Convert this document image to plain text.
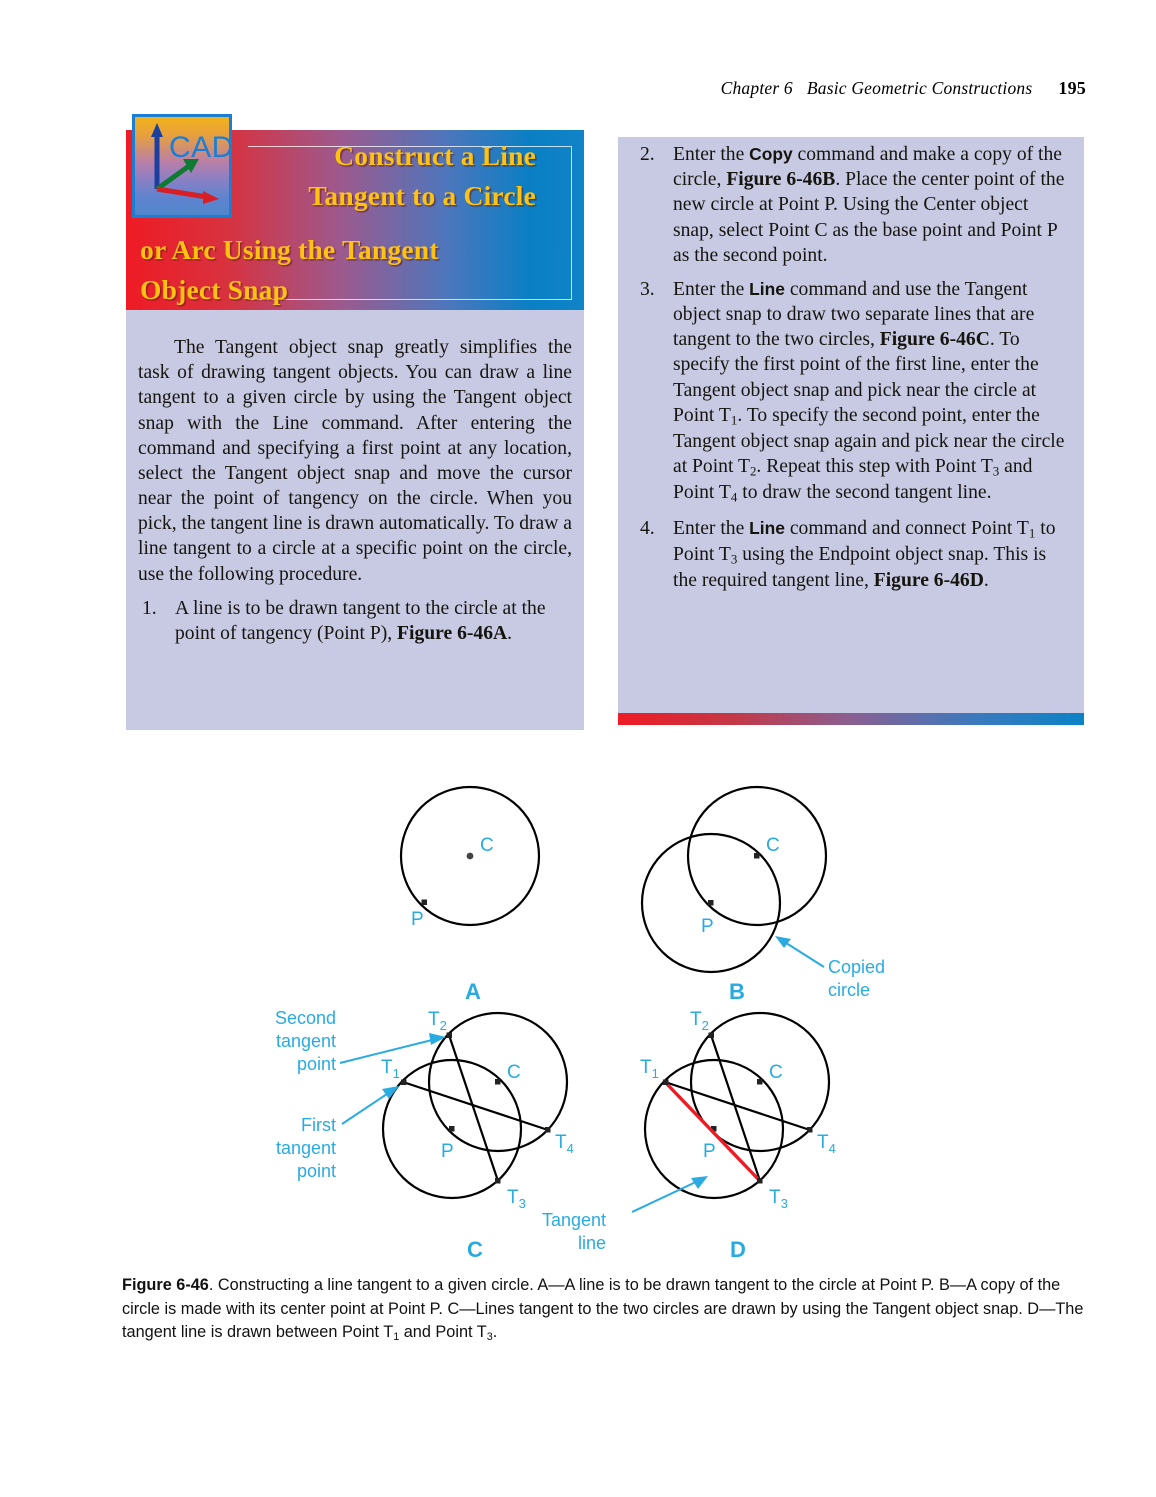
Chapter 6 Basic Geometric Constructions 195
Construct a Line
Tangent to a Circle
or Arc Using the Tangent
Object Snap
CAD

The Tangent object snap greatly simplifies the task of drawing tangent objects. You can draw a line tangent to a given circle by using the Tangent object snap with the Line command. After entering the command and specifying a first point at any location, select the Tangent object snap and move the cursor near the point of tangency on the circle. When you pick, the tangent line is drawn automatically. To draw a line tangent to a circle at a specific point on the circle, use the following procedure.

1. A line is to be drawn tangent to the circle at the point of tangency (Point P), Figure 6-46A.
2. Enter the Copy command and make a copy of the circle, Figure 6-46B. Place the center point of the new circle at Point P. Using the Center object snap, select Point C as the base point and Point P as the second point.
3. Enter the Line command and use the Tangent object snap to draw two separate lines that are tangent to the two circles, Figure 6-46C. To specify the first point of the first line, enter the Tangent object snap and pick near the circle at Point $T_1$. To specify the second point, enter the Tangent object snap again and pick near the circle at Point $T_2$. Repeat this step with Point $T_3$ and Point $T_4$ to draw the second tangent line.
4. Enter the Line command and connect Point $T_1$ to Point $T_3$ using the Endpoint object snap. This is the required tangent line, Figure 6-46D.
C
P
A
C
P
Copied
circle
B
$T_1$
$T_2$
$T_3$
$T_4$
C
P
Second
tangent
point
First
tangent
point
C
$T_1$
$T_2$
$T_3$
$T_4$
C
P
Tangent
line	D
Figure 6-46. Constructing a line tangent to a given circle. A—A line is to be drawn tangent to the circle at Point P. B—A copy of the circle is made with its center point at Point P. C—Lines tangent to the two circles are drawn by using the Tangent object snap. D—The tangent line is drawn between Point $T_1$ and Point $T_3$.
